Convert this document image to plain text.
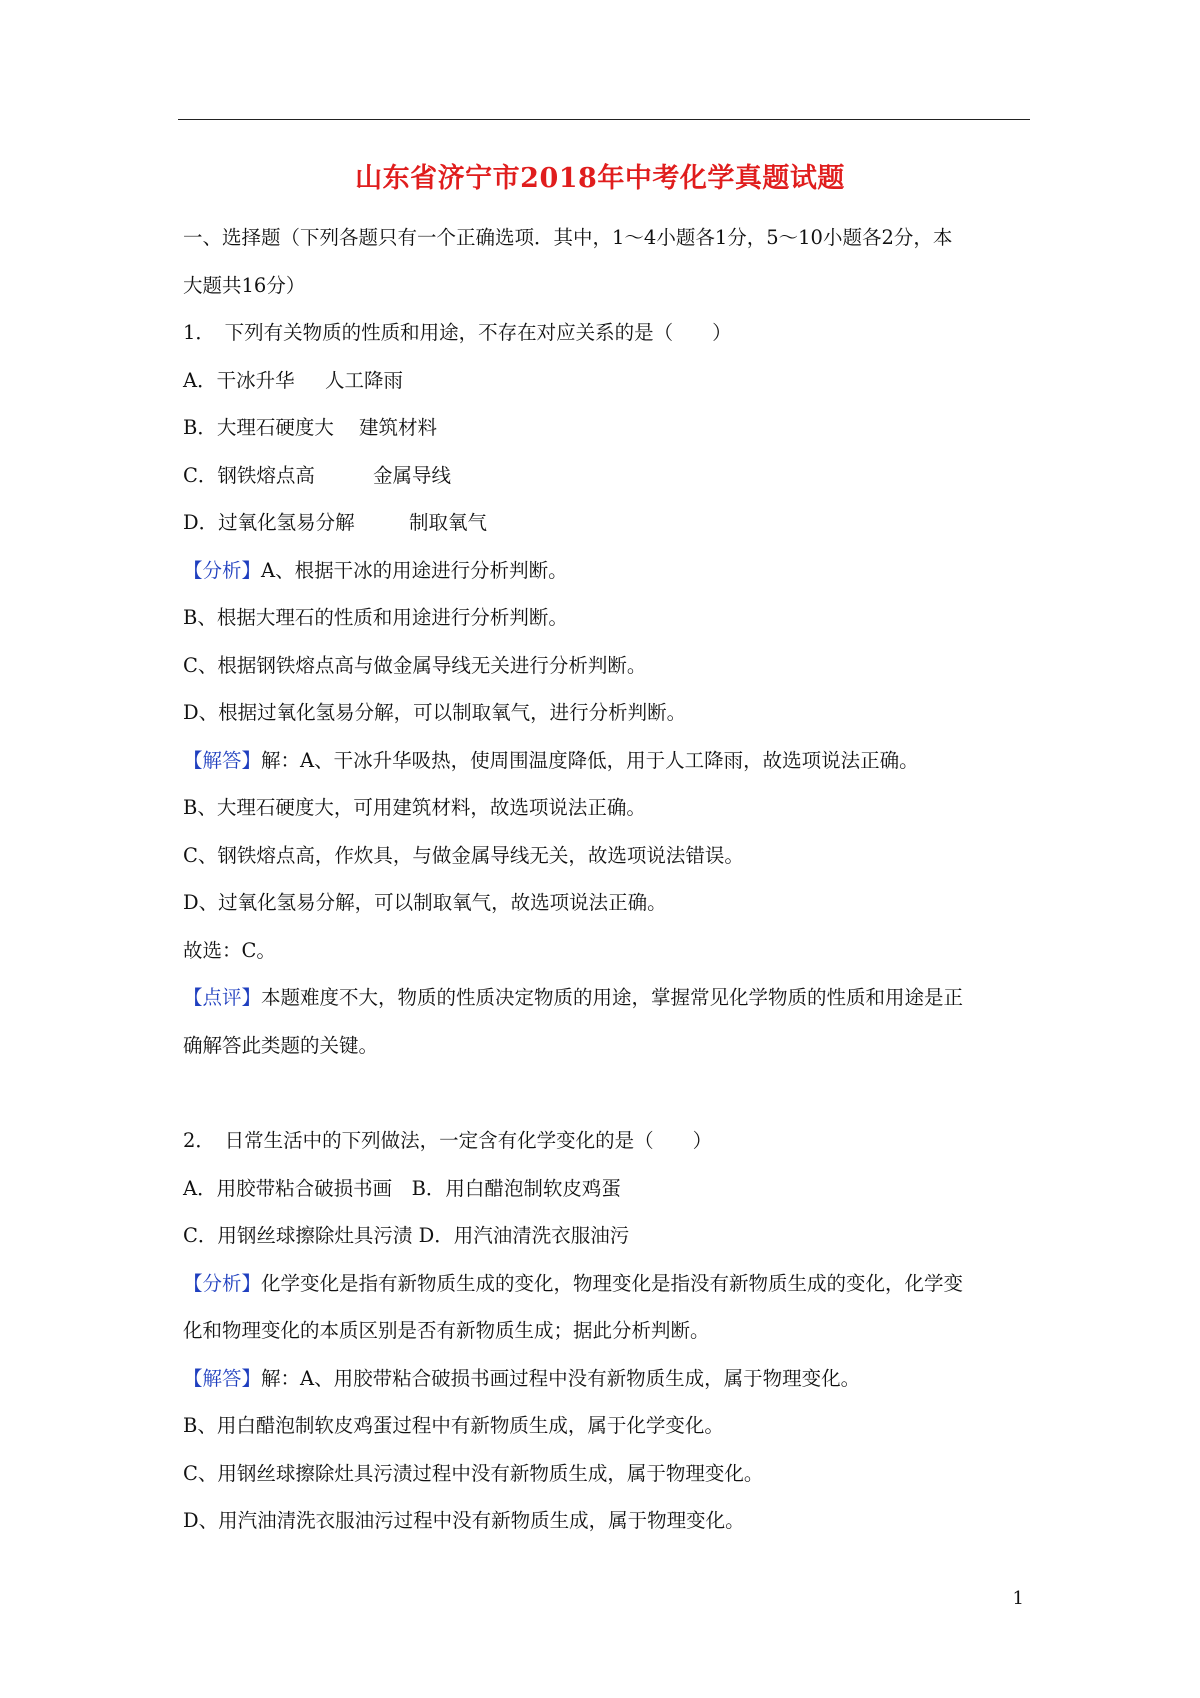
山东省济宁市2018年中考化学真题试题
一、选择题（下列各题只有一个正确选项．其中，1～4小题各1分，5～10小题各2分，本
大题共16分）
1．　下列有关物质的性质和用途，不存在对应关系的是（　　）
A．干冰升华 人工降雨
B．大理石硬度大 建筑材料
C．钢铁熔点高	金属导线
D．过氧化氢易分解	制取氧气
【分析】A、根据干冰的用途进行分析判断。
B、根据大理石的性质和用途进行分析判断。
C、根据钢铁熔点高与做金属导线无关进行分析判断。
D、根据过氧化氢易分解，可以制取氧气，进行分析判断。
【解答】解：A、干冰升华吸热，使周围温度降低，用于人工降雨，故选项说法正确。
B、大理石硬度大，可用建筑材料，故选项说法正确。
C、钢铁熔点高，作炊具，与做金属导线无关，故选项说法错误。
D、过氧化氢易分解，可以制取氧气，故选项说法正确。
故选：C。
【点评】本题难度不大，物质的性质决定物质的用途，掌握常见化学物质的性质和用途是正
确解答此类题的关键。
2．　日常生活中的下列做法，一定含有化学变化的是（　　）
A．用胶带粘合破损书画　B．用白醋泡制软皮鸡蛋
C．用钢丝球擦除灶具污渍 D．用汽油清洗衣服油污
【分析】化学变化是指有新物质生成的变化，物理变化是指没有新物质生成的变化，化学变
化和物理变化的本质区别是否有新物质生成；据此分析判断。
【解答】解：A、用胶带粘合破损书画过程中没有新物质生成，属于物理变化。
B、用白醋泡制软皮鸡蛋过程中有新物质生成，属于化学变化。
C、用钢丝球擦除灶具污渍过程中没有新物质生成，属于物理变化。
D、用汽油清洗衣服油污过程中没有新物质生成，属于物理变化。
1
